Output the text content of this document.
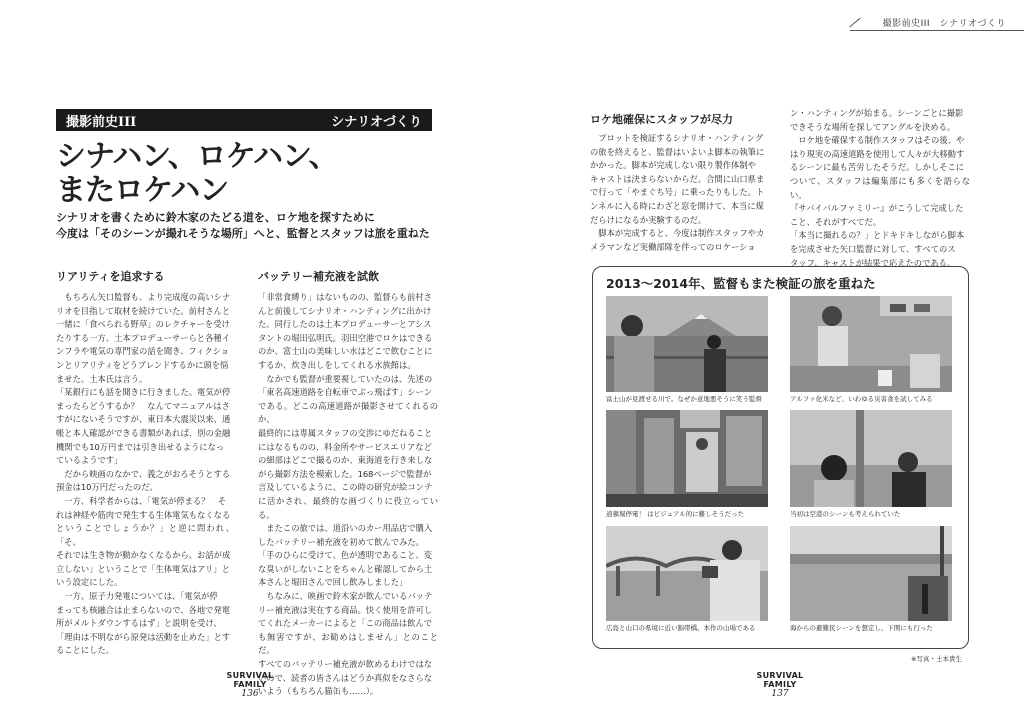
撮影前史III　シナリオづくり
撮影前史III	シナリオづくり
シナハン、ロケハン、
またロケハン
シナリオを書くために鈴木家のたどる道を、ロケ地を探すために
今度は「そのシーンが撮れそうな場所」へと、監督とスタッフは旅を重ねた
リアリティを追求する
　もちろん矢口監督も、より完成度の高いシナ
リオを目指して取材を続けていた。前村さんと
一緒に「食べられる野草」のレクチャーを受け
たりする一方、土本プロデューサーらと各種イ
ンフラや電気の専門家の話を聞き、フィクショ
ンとリアリティをどうブレンドするかに頭を悩
ませた。土本氏は言う。
「某銀行にも話を聞きに行きました。電気が停
まったらどうするか？　なんてマニュアルはさ
すがにないそうですが、東日本大震災以来、通
帳と本人確認ができる書類があれば、別の金融
機関でも10万円までは引き出せるようになっ
ているようです」
　だから映画のなかで、義之がおろそうとする
預金は10万円だったのだ。
　一方、科学者からは、「電気が停まる？　そ
れは神経や筋肉で発生する生体電気もなくなる
ということでしょうか？」と逆に問われ、「そ、
それでは生き物が動かなくなるから、お話が成
立しない」ということで「生体電気はアリ」と
いう設定にした。
　一方、原子力発電については、「電気が停
まっても核融合は止まらないので、各地で発電
所がメルトダウンするはず」と説明を受け、
「理由は不明ながら原発は活動を止めた」とす
ることにした。
バッテリー補充液を試飲
「非常食縛り」はないものの、監督らも前村さ
んと前後してシナリオ・ハンティングに出かけ
た。同行したのは土本プロデューサーとアシス
タントの堀田弘明氏。羽田空港でロケはできる
のか、富士山の美味しい水はどこで飲むことに
するか、炊き出しをしてくれる水族館は。
　なかでも監督が重要視していたのは、先述の
「東名高速道路を自転車でぶっ飛ばす」シーン
である。どこの高速道路が撮影させてくれるのか、
最終的には専属スタッフの交渉にゆだねること
にはなるものの、料金所やサービスエリアなど
の細部はどこで撮るのか、東海道を行き来しな
がら撮影方法を模索した。168ページで監督が
言及しているように、この時の研究が絵コンテ
に活かされ、最終的な画づくりに役立っている。
　またこの旅では、道沿いのカー用品店で購入
したバッテリー補充液を初めて飲んでみた。
「手のひらに受けて、色が透明であること、変
な臭いがしないことをちゃんと確認してから土
本さんと堀田さんで回し飲みしました」
　ちなみに、映画で鈴木家が飲んでいるバッテ
リー補充液は実在する商品。快く使用を許可し
てくれたメーカーによると「この商品は飲んで
も無害ですが、お勧めはしません」とのことだ。
すべてのバッテリー補充液が飲めるわけではな
いので、読者の皆さんはどうか真似をなさらな
いよう（もちろん猫缶も……）。
ロケ地確保にスタッフが尽力
　プロットを検証するシナリオ・ハンティング
の旅を終えると、監督はいよいよ脚本の執筆に
かかった。脚本が完成しない限り製作体制や
キャストは決まらないからだ。合間に山口県ま
で行って「やまぐち号」に乗ったりもした。ト
ンネルに入る時にわざと窓を開けて、本当に煤
だらけになるか実験するのだ。
　脚本が完成すると、今度は制作スタッフやカ
メラマンなど実働部隊を伴ってのロケーショ
ン・ハンティングが始まる。シーンごとに撮影
できそうな場所を探してアングルを決める。
　ロケ地を確保する制作スタッフはその後、や
はり現実の高速道路を使用して人々が大移動す
るシーンに最も苦労したそうだ。しかしそこに
ついて、スタッフは編集部にも多くを語らない。
『サバイバルファミリー』がこうして完成した
こと、それがすべてだ。
「本当に撮れるの？」とドキドキしながら脚本
を完成させた矢口監督に対して、すべてのス
タッフ、キャストが結果で応えたのである。
2013〜2014年、監督もまた検証の旅を重ねた
富士山が見渡せる川で。なぜか意地悪そうに笑う監督	アルファ化米など、いわゆる災害食を試してみる
道頓堀停電！ はビジュアル的に難しそうだった	当初は空港のシーンも考えられていた
広島と山口の県境に近い錦帯橋。本作の山場である	海からの避難民シーンを想定し、下関にも行った
※写真・土本貴生
SURVIVAL FAMILY
136
SURVIVAL FAMILY
137
